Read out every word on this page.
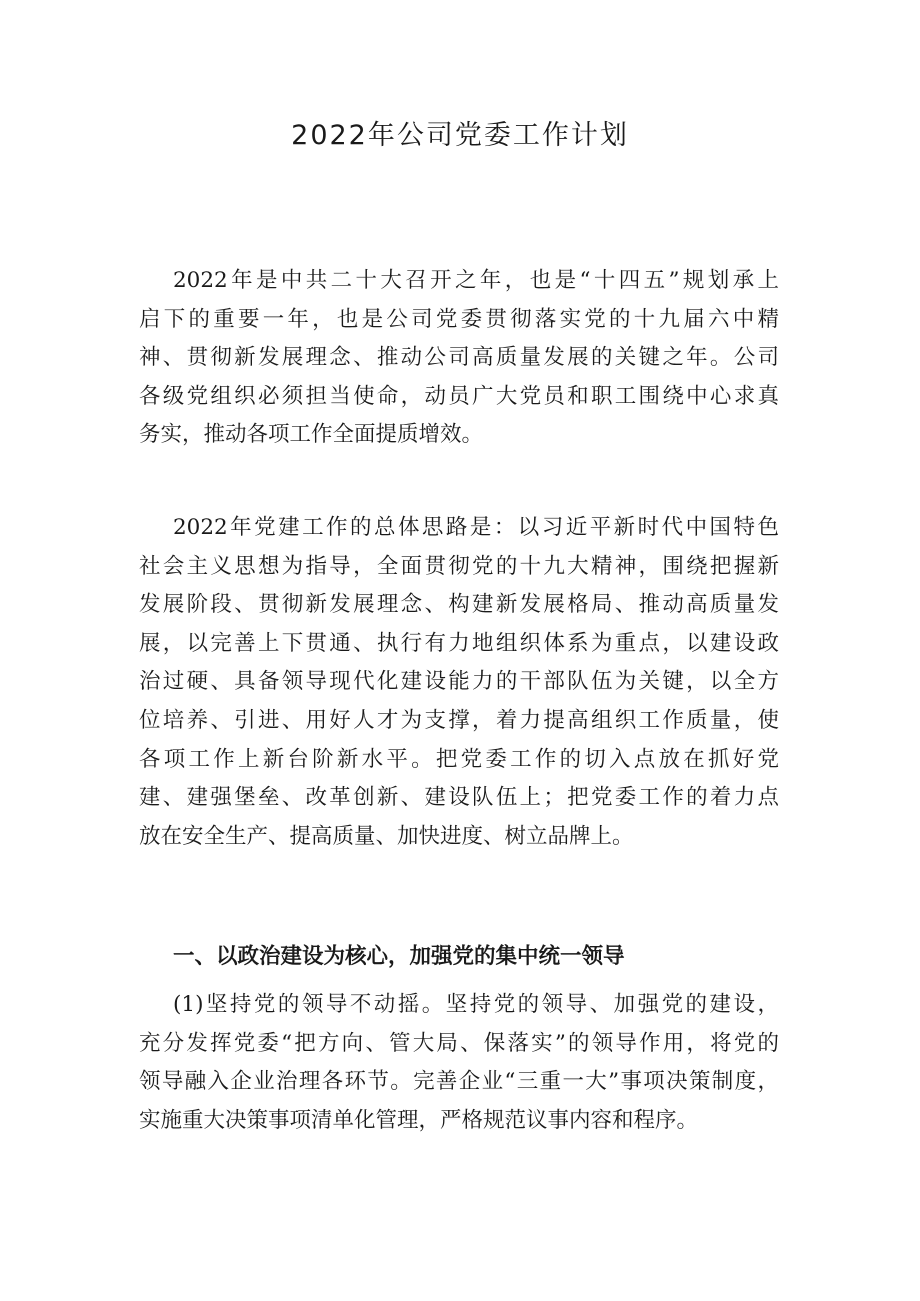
2022年公司党委工作计划
2022年是中共二十大召开之年，也是“十四五”规划承上
启下的重要一年，也是公司党委贯彻落实党的十九届六中精
神、贯彻新发展理念、推动公司高质量发展的关键之年。公司
各级党组织必须担当使命，动员广大党员和职工围绕中心求真
务实，推动各项工作全面提质增效。
2022年党建工作的总体思路是：以习近平新时代中国特色
社会主义思想为指导，全面贯彻党的十九大精神，围绕把握新
发展阶段、贯彻新发展理念、构建新发展格局、推动高质量发
展，以完善上下贯通、执行有力地组织体系为重点，以建设政
治过硬、具备领导现代化建设能力的干部队伍为关键，以全方
位培养、引进、用好人才为支撑，着力提高组织工作质量，使
各项工作上新台阶新水平。把党委工作的切入点放在抓好党
建、建强堡垒、改革创新、建设队伍上；把党委工作的着力点
放在安全生产、提高质量、加快进度、树立品牌上。
一、以政治建设为核心，加强党的集中统一领导
(1)坚持党的领导不动摇。坚持党的领导、加强党的建设，
充分发挥党委“把方向、管大局、保落实”的领导作用，将党的
领导融入企业治理各环节。完善企业“三重一大”事项决策制度，
实施重大决策事项清单化管理，严格规范议事内容和程序。
